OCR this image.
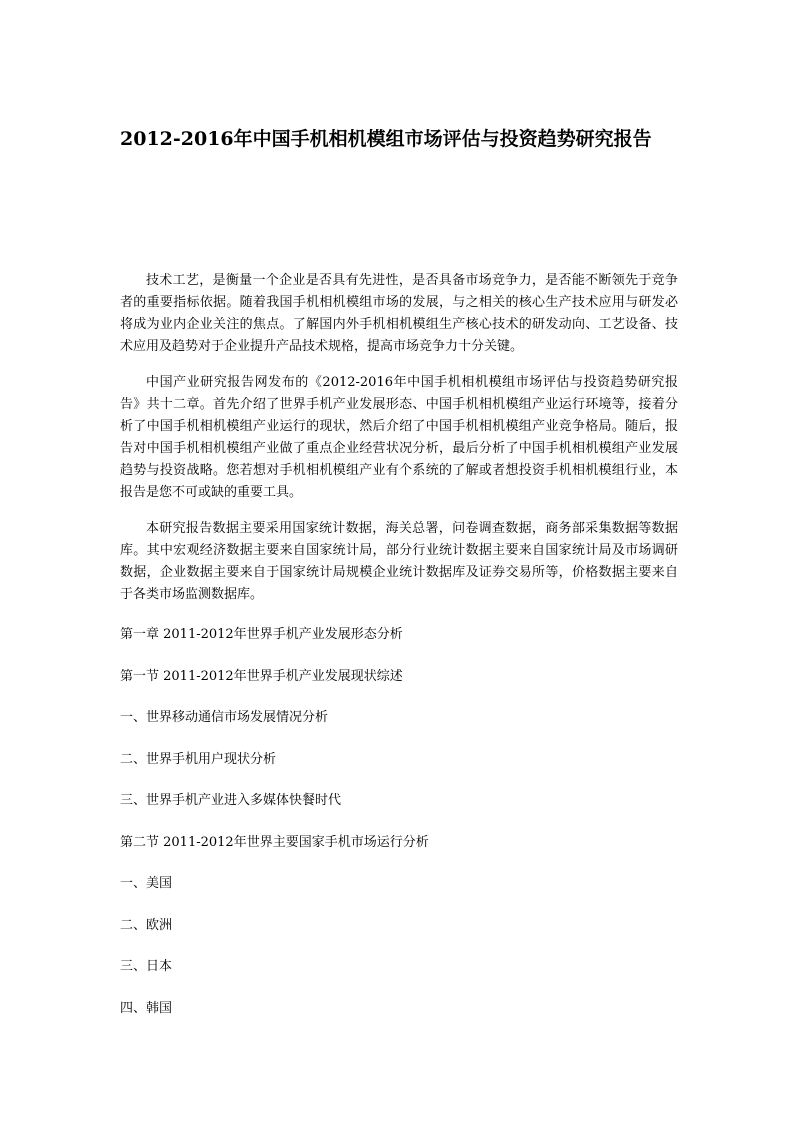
2012-2016年中国手机相机模组市场评估与投资趋势研究报告

技术工艺，是衡量一个企业是否具有先进性，是否具备市场竞争力，是否能不断领先于竞争者的重要指标依据。随着我国手机相机模组市场的发展，与之相关的核心生产技术应用与研发必将成为业内企业关注的焦点。了解国内外手机相机模组生产核心技术的研发动向、工艺设备、技术应用及趋势对于企业提升产品技术规格，提高市场竞争力十分关键。

中国产业研究报告网发布的《2012-2016年中国手机相机模组市场评估与投资趋势研究报告》共十二章。首先介绍了世界手机产业发展形态、中国手机相机模组产业运行环境等，接着分析了中国手机相机模组产业运行的现状，然后介绍了中国手机相机模组产业竞争格局。随后，报告对中国手机相机模组产业做了重点企业经营状况分析，最后分析了中国手机相机模组产业发展趋势与投资战略。您若想对手机相机模组产业有个系统的了解或者想投资手机相机模组行业，本报告是您不可或缺的重要工具。

本研究报告数据主要采用国家统计数据，海关总署，问卷调查数据，商务部采集数据等数据库。其中宏观经济数据主要来自国家统计局，部分行业统计数据主要来自国家统计局及市场调研数据，企业数据主要来自于国家统计局规模企业统计数据库及证券交易所等，价格数据主要来自于各类市场监测数据库。

第一章 2011-2012年世界手机产业发展形态分析
第一节 2011-2012年世界手机产业发展现状综述
一、世界移动通信市场发展情况分析
二、世界手机用户现状分析
三、世界手机产业进入多媒体快餐时代
第二节 2011-2012年世界主要国家手机市场运行分析
一、美国
二、欧洲
三、日本
四、韩国
